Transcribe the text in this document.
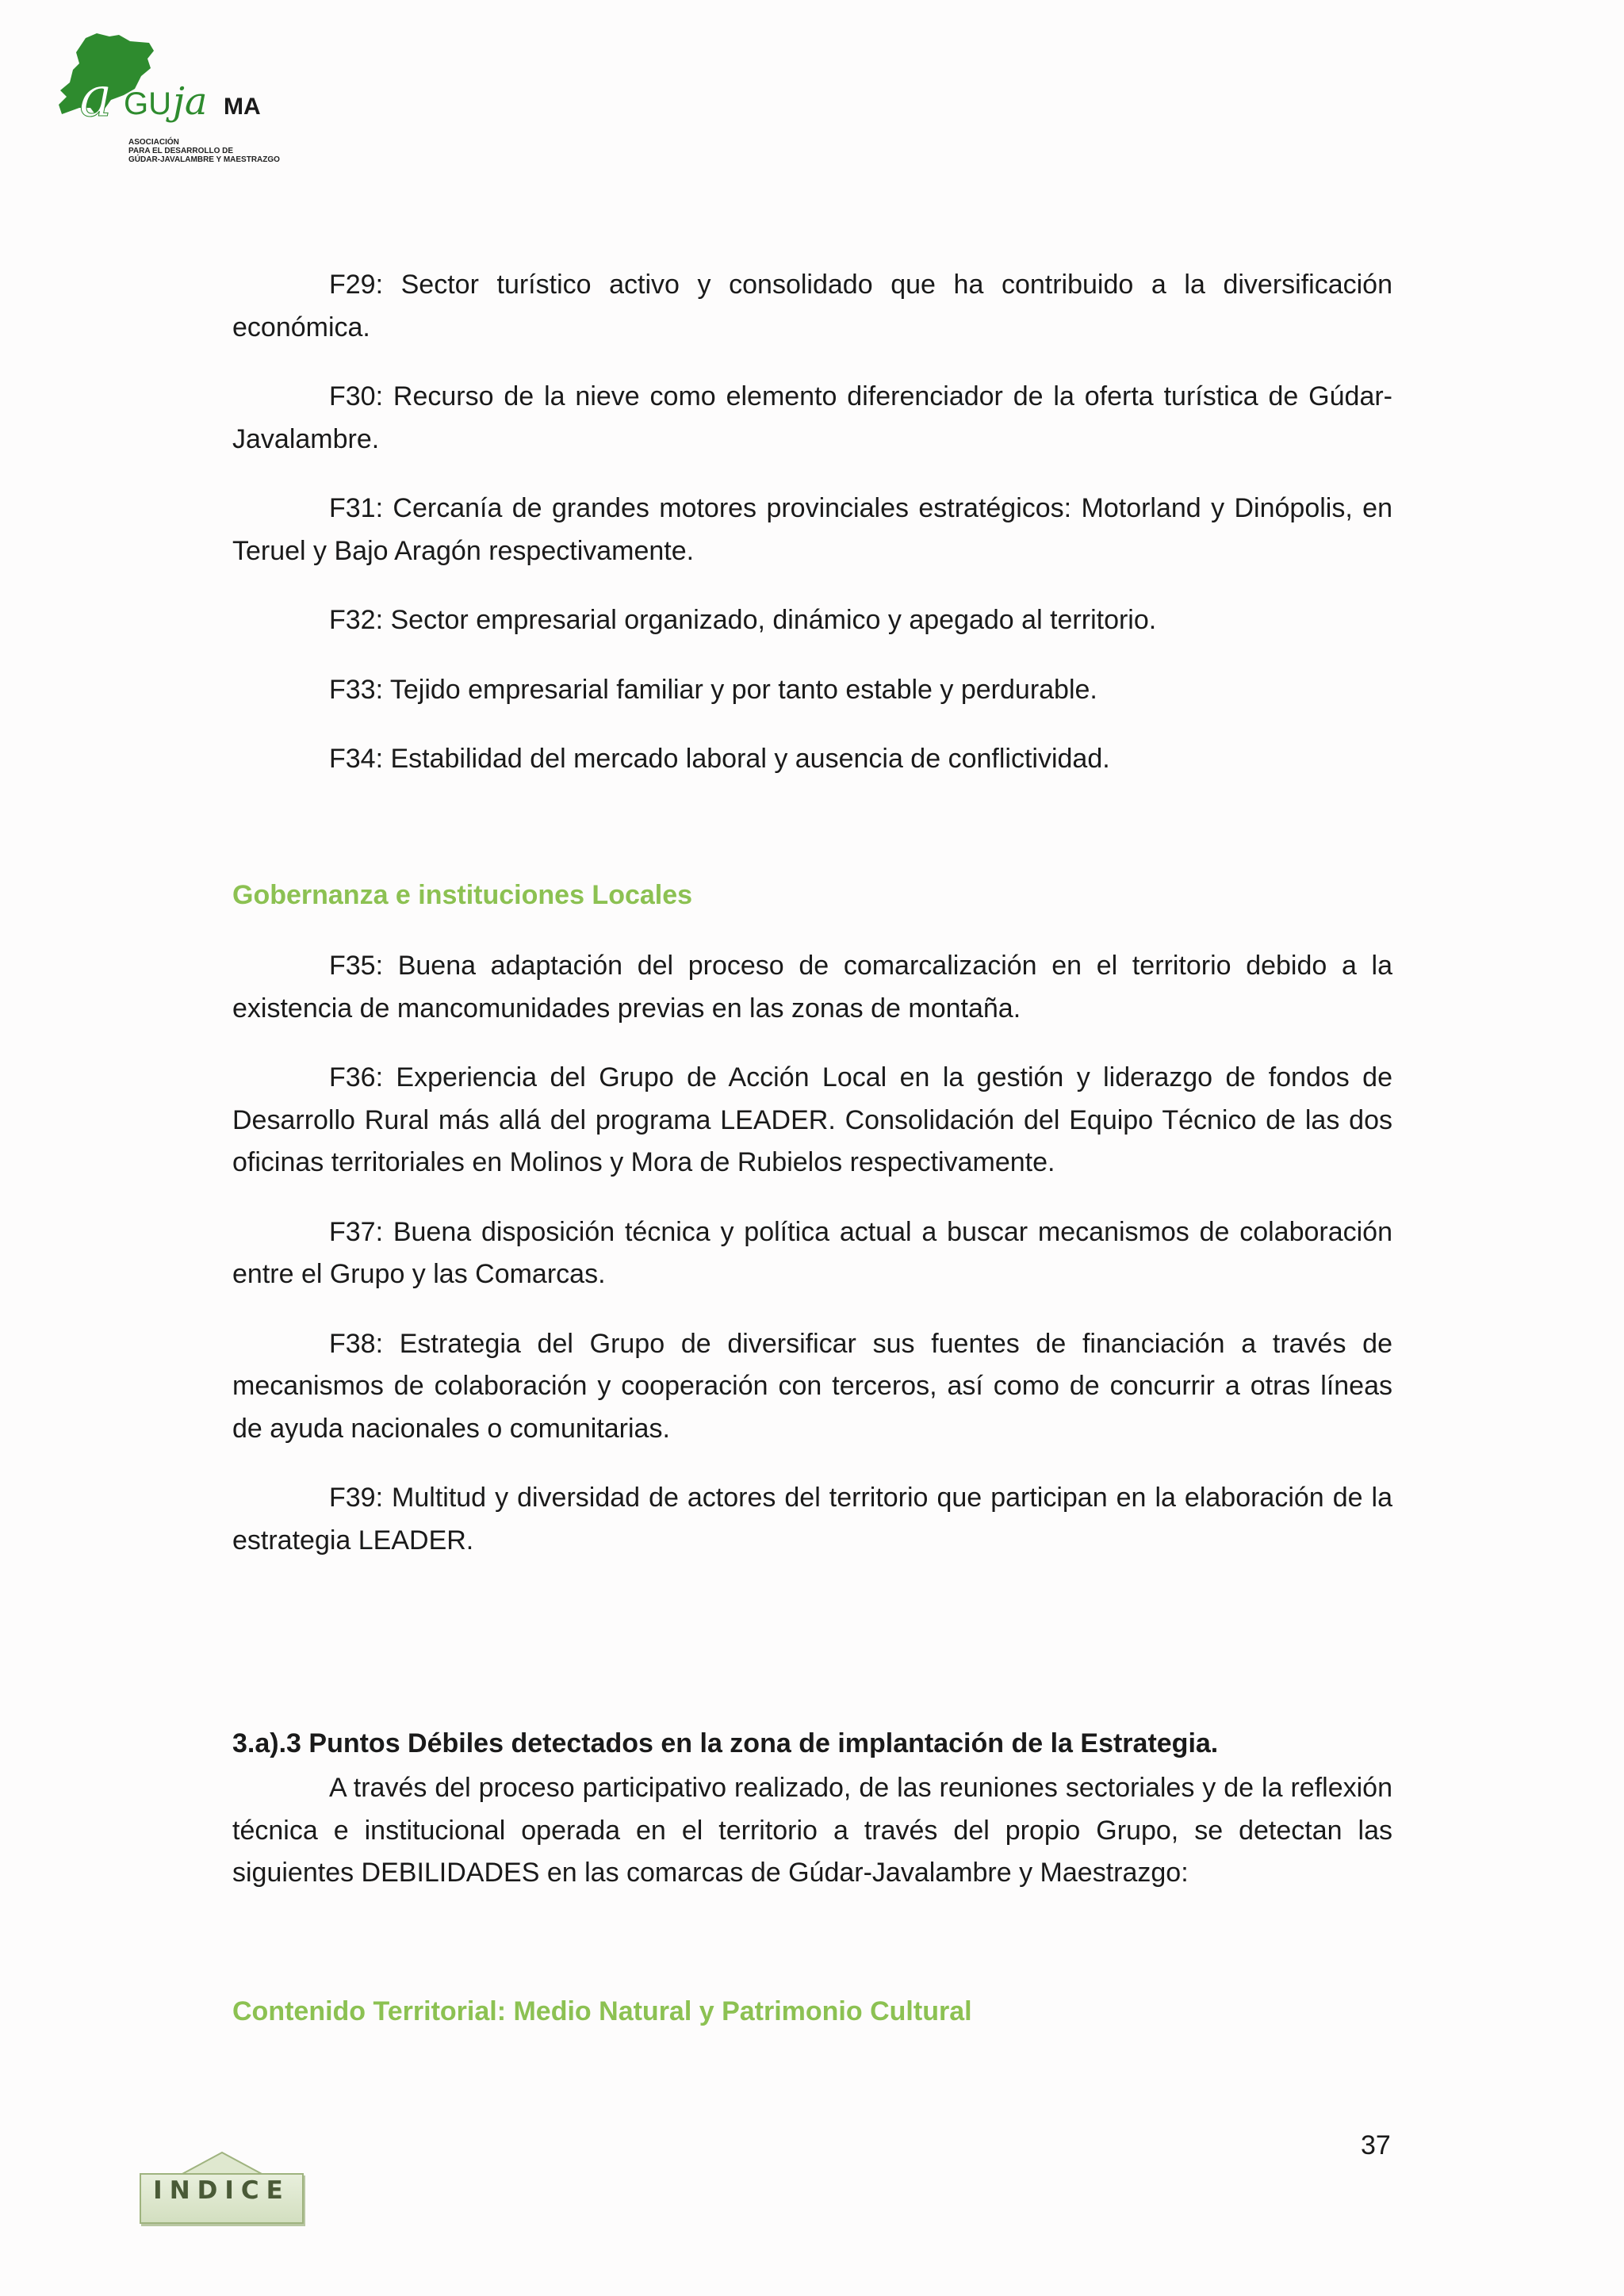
a GU ja MA
ASOCIACIÓN
PARA EL DESARROLLO DE
GÚDAR-JAVALAMBRE Y MAESTRAZGO

F29: Sector turístico activo y consolidado que ha contribuido a la diversificación económica.

F30: Recurso de la nieve como elemento diferenciador de la oferta turística de Gúdar-Javalambre.

F31: Cercanía de grandes motores provinciales estratégicos: Motorland y Dinópolis, en Teruel y Bajo Aragón respectivamente.

F32: Sector empresarial organizado, dinámico y apegado al territorio.

F33: Tejido empresarial familiar y por tanto estable y perdurable.

F34: Estabilidad del mercado laboral y ausencia de conflictividad.

Gobernanza e instituciones Locales

F35: Buena adaptación del proceso de comarcalización en el territorio debido a la existencia de mancomunidades previas en las zonas de montaña.

F36: Experiencia del Grupo de Acción Local en la gestión y liderazgo de fondos de Desarrollo Rural más allá del programa LEADER. Consolidación del Equipo Técnico de las dos oficinas territoriales en Molinos y Mora de Rubielos respectivamente.

F37: Buena disposición técnica y política actual a buscar mecanismos de colaboración entre el Grupo y las Comarcas.

F38: Estrategia del Grupo de diversificar sus fuentes de financiación a través de mecanismos de colaboración y cooperación con terceros, así como de concurrir a otras líneas de ayuda nacionales o comunitarias.

F39: Multitud y diversidad de actores del territorio que participan en la elaboración de la estrategia LEADER.

3.a).3 Puntos Débiles detectados en la zona de implantación de la Estrategia.

A través del proceso participativo realizado, de las reuniones sectoriales y de la reflexión técnica e institucional operada en el territorio a través del propio Grupo, se detectan las siguientes DEBILIDADES en las comarcas de Gúdar-Javalambre y Maestrazgo:

Contenido Territorial: Medio Natural y Patrimonio Cultural
37
INDICE
